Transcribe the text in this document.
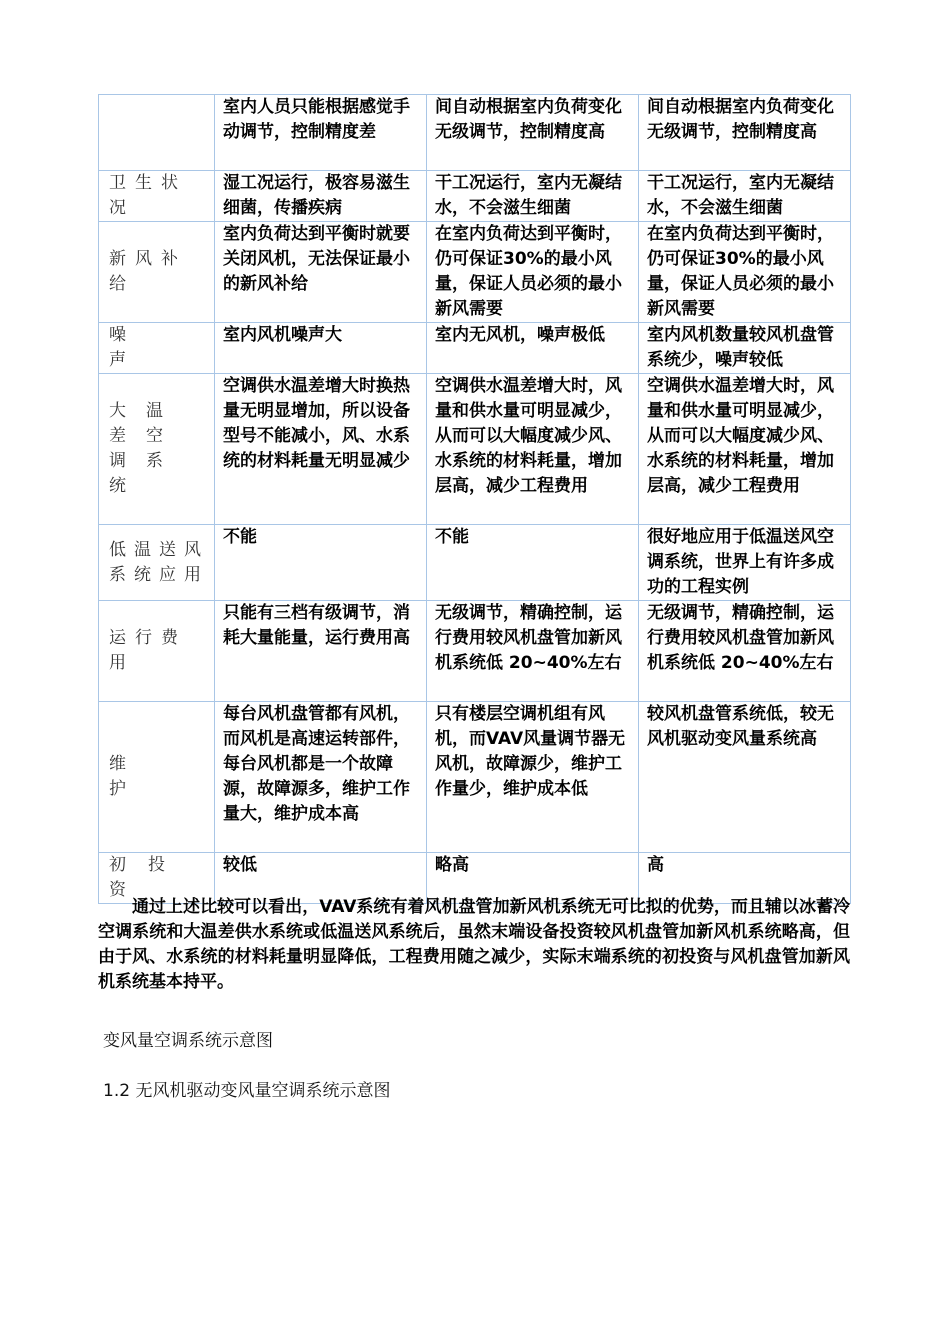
	室内人员只能根据感觉手动调节，控制精度差	间自动根据室内负荷变化无级调节，控制精度高	间自动根据室内负荷变化无级调节，控制精度高
卫生状况	湿工况运行，极容易滋生细菌，传播疾病	干工况运行，室内无凝结水，不会滋生细菌	干工况运行，室内无凝结水，不会滋生细菌
新风补给	室内负荷达到平衡时就要关闭风机，无法保证最小的新风补给	在室内负荷达到平衡时，仍可保证30%的最小风量，保证人员必须的最小新风需要	在室内负荷达到平衡时，仍可保证30%的最小风量，保证人员必须的最小新风需要
噪声	室内风机噪声大	室内无风机，噪声极低	室内风机数量较风机盘管系统少，噪声较低
大温差空调系统	空调供水温差增大时换热量无明显增加，所以设备型号不能减小，风、水系统的材料耗量无明显减少	空调供水温差增大时，风量和供水量可明显减少，从而可以大幅度减少风、水系统的材料耗量，增加层高，减少工程费用	空调供水温差增大时，风量和供水量可明显减少，从而可以大幅度减少风、水系统的材料耗量，增加层高，减少工程费用
低温送风系统应用	不能	不能	很好地应用于低温送风空调系统，世界上有许多成功的工程实例
运行费用	只能有三档有级调节，消耗大量能量，运行费用高	无级调节，精确控制，运行费用较风机盘管加新风机系统低 20~40%左右	无级调节，精确控制，运行费用较风机盘管加新风机系统低 20~40%左右
维护	每台风机盘管都有风机，而风机是高速运转部件，每台风机都是一个故障源，故障源多，维护工作量大，维护成本高	只有楼层空调机组有风机，而VAV风量调节器无风机，故障源少，维护工作量少，维护成本低	较风机盘管系统低，较无风机驱动变风量系统高
初投资	较低	略高	高

通过上述比较可以看出，VAV系统有着风机盘管加新风机系统无可比拟的优势，而且辅以冰蓄冷空调系统和大温差供水系统或低温送风系统后，虽然末端设备投资较风机盘管加新风机系统略高，但由于风、水系统的材料耗量明显降低，工程费用随之减少，实际末端系统的初投资与风机盘管加新风机系统基本持平。

变风量空调系统示意图
1.2 无风机驱动变风量空调系统示意图
